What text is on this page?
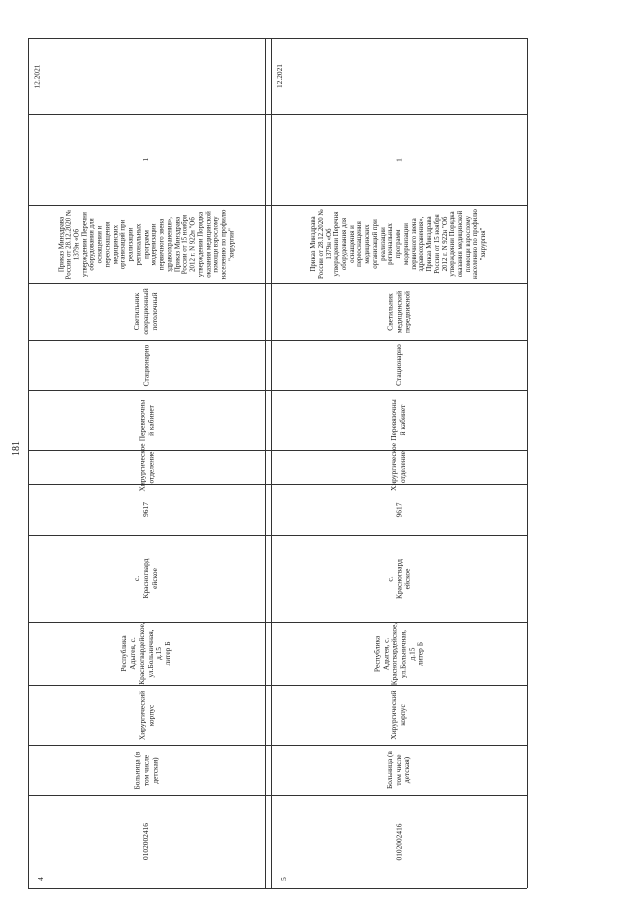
181
12.2021
1
Приказ Минздрава
России от 28.12.2020 №
1379н «Об
утверждении Перечня
оборудования для
оснащения и
переоснащения
медицинских
организаций при
реализации
региональных
программ
модернизации
первичного звена
здравоохранения»,
Приказ Минздрава
России от 15 ноября
2012 г. N 922н "Об
утверждении Порядка
оказания медицинской
помощи взрослому
населению по профилю
"хирургия"
Светильник
операционный
потолочный
Стационарно
Перевязочны
й кабинет
Хирургическое
отделение
9617
с.
Красногвард
ейское
Республика Адыгея, с.
Красногвардейское,
ул.Больничная, д.15
литер Б
Хирургический
корпус
Больница (в
том числе
детская)
0102002416
4
12.2021
1
Приказ Минздрава
России от 28.12.2020 №
1379н «Об
утверждении Перечня
оборудования для
оснащения и
переоснащения
медицинских
организаций при
реализации
региональных
программ
модернизации
первичного звена
здравоохранения»,
Приказ Минздрава
России от 15 ноября
2012 г. N 922н "Об
утверждении Порядка
оказания медицинской
помощи взрослому
населению по профилю
"хирургия"
Светильник
медицинский
передвижной
Стационарно
Перевязочны
й кабинет
Хирургическое
отделение
9617
с.
Красногвард
ейское
Республика Адыгея, с.
Красногвардейское,
ул.Больничная, д.15
литер Б
Хирургический
корпус
Больница (в
том числе
детская)
0102002416
5
